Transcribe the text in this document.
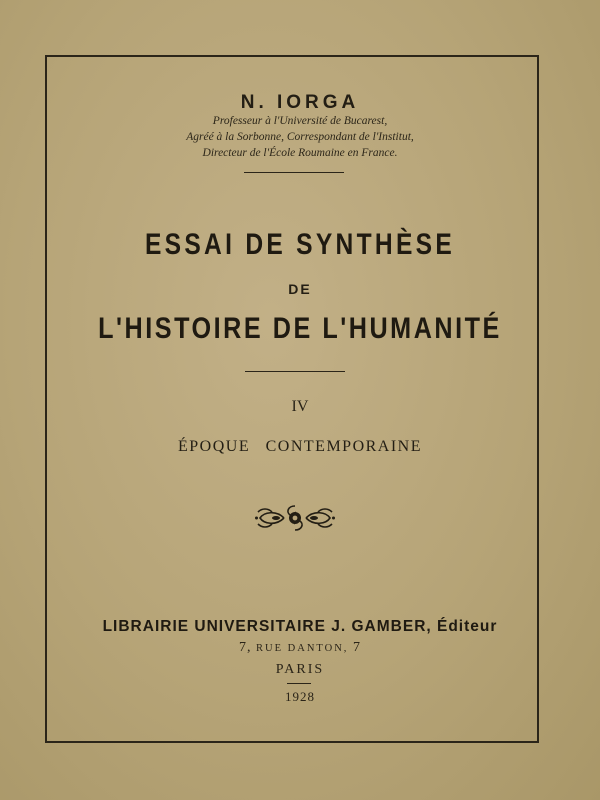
N. IORGA
Professeur à l'Université de Bucarest,
Agréé à la Sorbonne, Correspondant de l'Institut,
Directeur de l'École Roumaine en France.
ESSAI DE SYNTHÈSE
DE
L'HISTOIRE DE L'HUMANITÉ
IV
ÉPOQUE CONTEMPORAINE
LIBRAIRIE UNIVERSITAIRE J. GAMBER, Éditeur
7, RUE DANTON, 7
PARIS
1928
